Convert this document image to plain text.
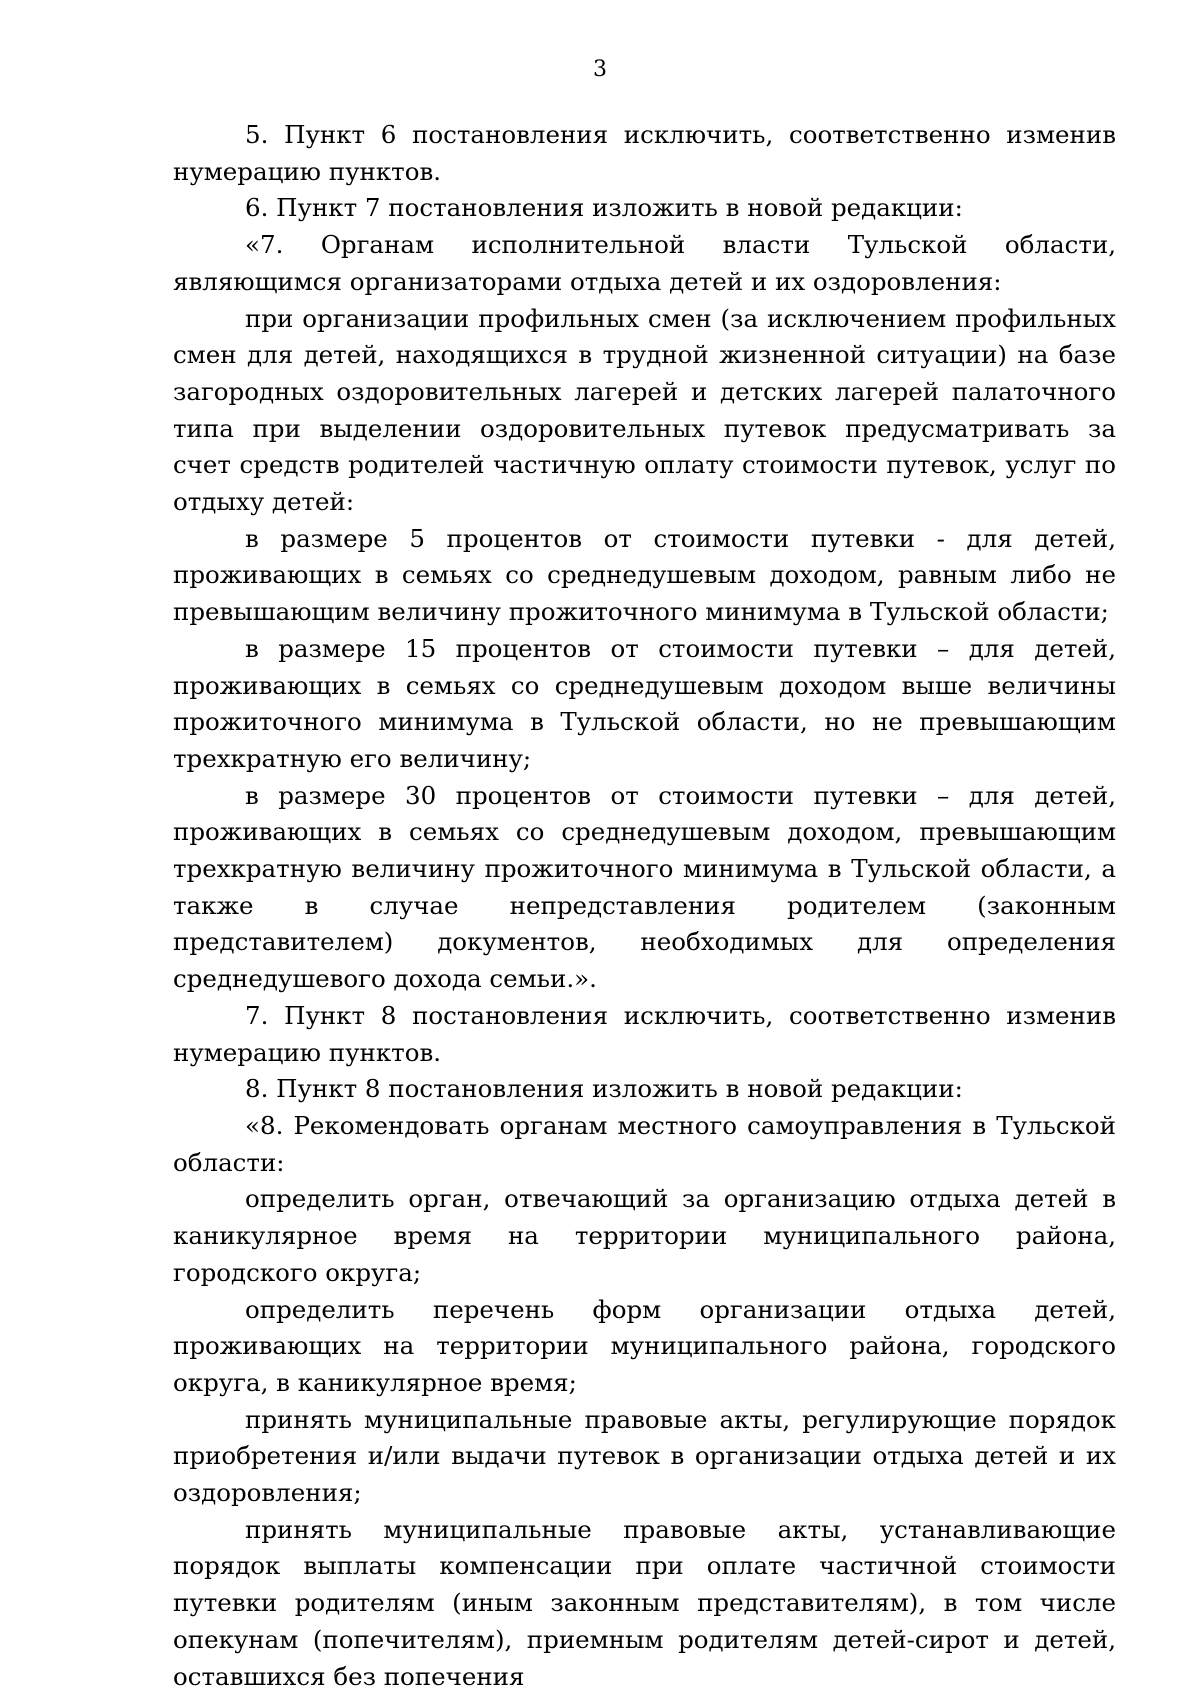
3

5. Пункт 6 постановления исключить, соответственно изменив нумерацию пунктов.

6. Пункт 7 постановления изложить в новой редакции:

«7. Органам исполнительной власти Тульской области, являющимся организаторами отдыха детей и их оздоровления:

при организации профильных смен (за исключением профильных смен для детей, находящихся в трудной жизненной ситуации) на базе загородных оздоровительных лагерей и детских лагерей палаточного типа при выделении оздоровительных путевок предусматривать за счет средств родителей частичную оплату стоимости путевок, услуг по отдыху детей:

в размере 5 процентов от стоимости путевки - для детей, проживающих в семьях со среднедушевым доходом, равным либо не превышающим величину прожиточного минимума в Тульской области;

в размере 15 процентов от стоимости путевки – для детей, проживающих в семьях со среднедушевым доходом выше величины прожиточного минимума в Тульской области, но не превышающим трехкратную его величину;

в размере 30 процентов от стоимости путевки – для детей, проживающих в семьях со среднедушевым доходом, превышающим трехкратную величину прожиточного минимума в Тульской области, а также в случае непредставления родителем (законным представителем) документов, необходимых для определения среднедушевого дохода семьи.».

7. Пункт 8 постановления исключить, соответственно изменив нумерацию пунктов.

8. Пункт 8 постановления изложить в новой редакции:

«8. Рекомендовать органам местного самоуправления в Тульской области:

определить орган, отвечающий за организацию отдыха детей в каникулярное время на территории муниципального района, городского округа;

определить перечень форм организации отдыха детей, проживающих на территории муниципального района, городского округа, в каникулярное время;

принять муниципальные правовые акты, регулирующие порядок приобретения и/или выдачи путевок в организации отдыха детей и их оздоровления;

принять муниципальные правовые акты, устанавливающие порядок выплаты компенсации при оплате частичной стоимости путевки родителям (иным законным представителям), в том числе опекунам (попечителям), приемным родителям детей-сирот и детей, оставшихся без попечения
